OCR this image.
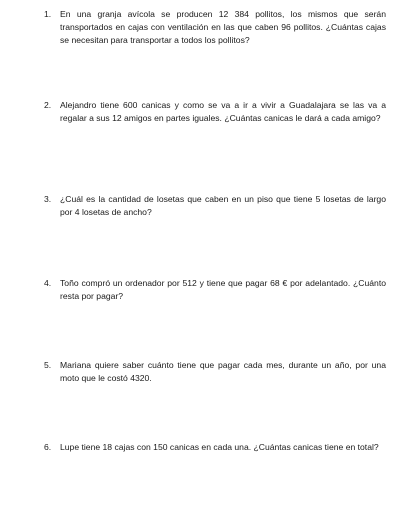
1.	En una granja avícola se producen 12 384 pollitos, los mismos que serán transportados en cajas con ventilación en las que caben 96 pollitos. ¿Cuántas cajas se necesitan para transportar a todos los pollitos?
2.	Alejandro tiene 600 canicas y como se va a ir a vivir a Guadalajara se las va a regalar a sus 12 amigos en partes iguales. ¿Cuántas canicas le dará a cada amigo?
3.	¿Cuál es la cantidad de losetas que caben en un piso que tiene 5 losetas de largo por 4 losetas de ancho?
4.	Toño compró un ordenador por 512 y tiene que pagar 68 € por adelantado. ¿Cuánto resta por pagar?
5.	Mariana quiere saber cuánto tiene que pagar cada mes, durante un año, por una moto que le costó 4320.
6.	Lupe tiene 18 cajas con 150 canicas en cada una. ¿Cuántas canicas tiene en total?
